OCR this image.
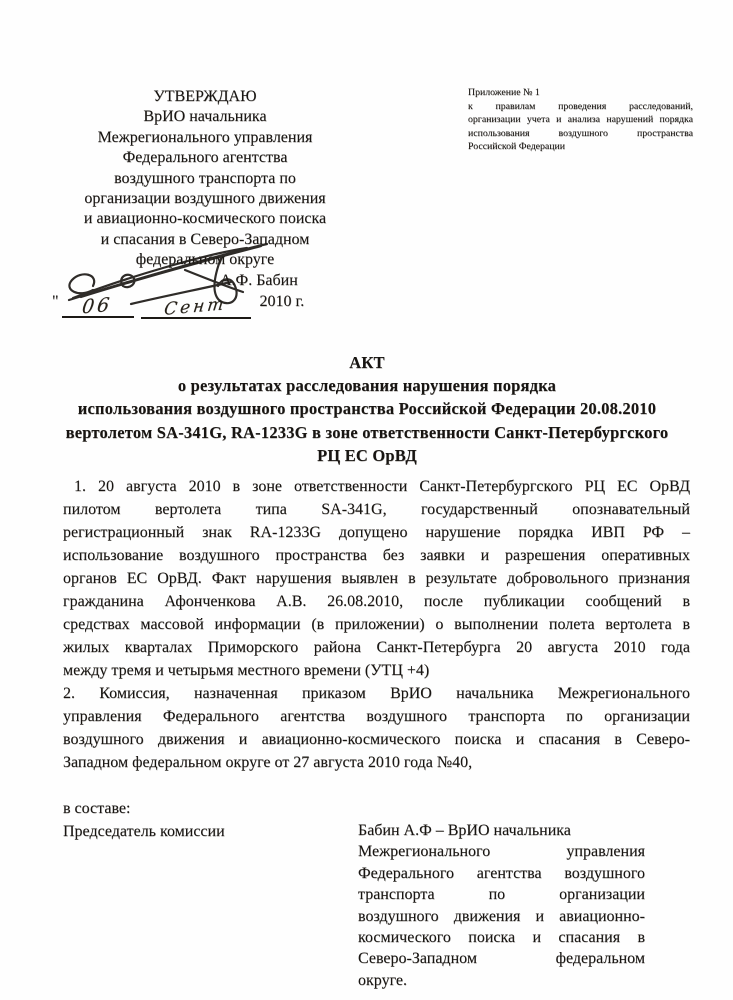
УТВЕРЖДАЮ
ВрИО начальника
Межрегионального управления
Федерального агентства
воздушного транспорта по
организации воздушного движения
и авиационно-космического поиска
и спасания в Северо-Западном
федеральном округе
А.Ф. Бабин
" 06	Сент 2010 г.
Приложение № 1
к правилам проведения расследований,
организации учета и анализа нарушений порядка
использования воздушного пространства
Российской Федерации
АКТ
о результатах расследования нарушения порядка
использования воздушного пространства Российской Федерации 20.08.2010
вертолетом SA-341G, RA-1233G в зоне ответственности Санкт-Петербургского
РЦ ЕС ОрВД
1. 20 августа 2010 в зоне ответственности Санкт-Петербургского РЦ ЕС ОрВД
пилотом вертолета типа SA-341G, государственный опознавательный
регистрационный знак RA-1233G допущено нарушение порядка ИВП РФ –
использование воздушного пространства без заявки и разрешения оперативных
органов ЕС ОрВД. Факт нарушения выявлен в результате добровольного признания
гражданина Афонченкова А.В. 26.08.2010, после публикации сообщений в
средствах массовой информации (в приложении) о выполнении полета вертолета в
жилых кварталах Приморского района Санкт-Петербурга 20 августа 2010 года
между тремя и четырьмя местного времени (УТЦ +4)
2. Комиссия, назначенная приказом ВрИО начальника Межрегионального
управления Федерального агентства воздушного транспорта по организации
воздушного движения и авиационно-космического поиска и спасания в Северо-
Западном федеральном округе от 27 августа 2010 года №40,
в составе:
Председатель комиссии	Бабин А.Ф – ВрИО начальника
Межрегионального управления
Федерального агентства воздушного
транспорта по организации
воздушного движения и авиационно-
космического поиска и спасания в
Северо-Западном федеральном
округе.
